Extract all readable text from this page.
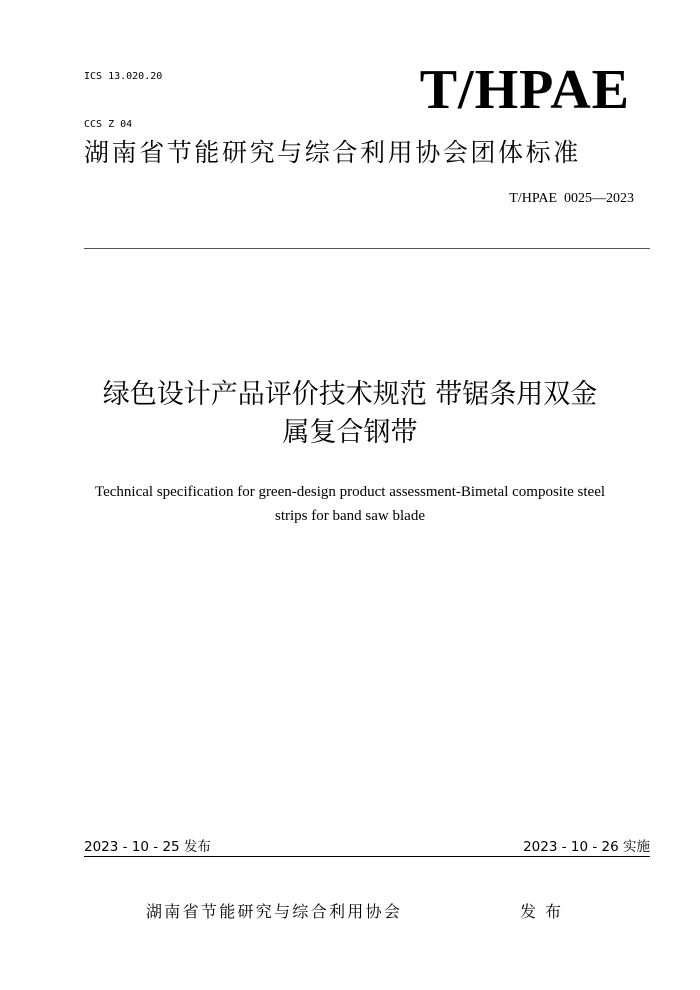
ICS 13.020.20

CCS Z 04

T/HPAE
湖南省节能研究与综合利用协会团体标准
T/HPAE  0025—2023
绿色设计产品评价技术规范 带锯条用双金
属复合钢带
Technical specification for green-design product assessment-Bimetal composite steel
strips for band saw blade
2023 - 10 - 25 发布	2023 - 10 - 26 实施
湖南省节能研究与综合利用协会	发布
